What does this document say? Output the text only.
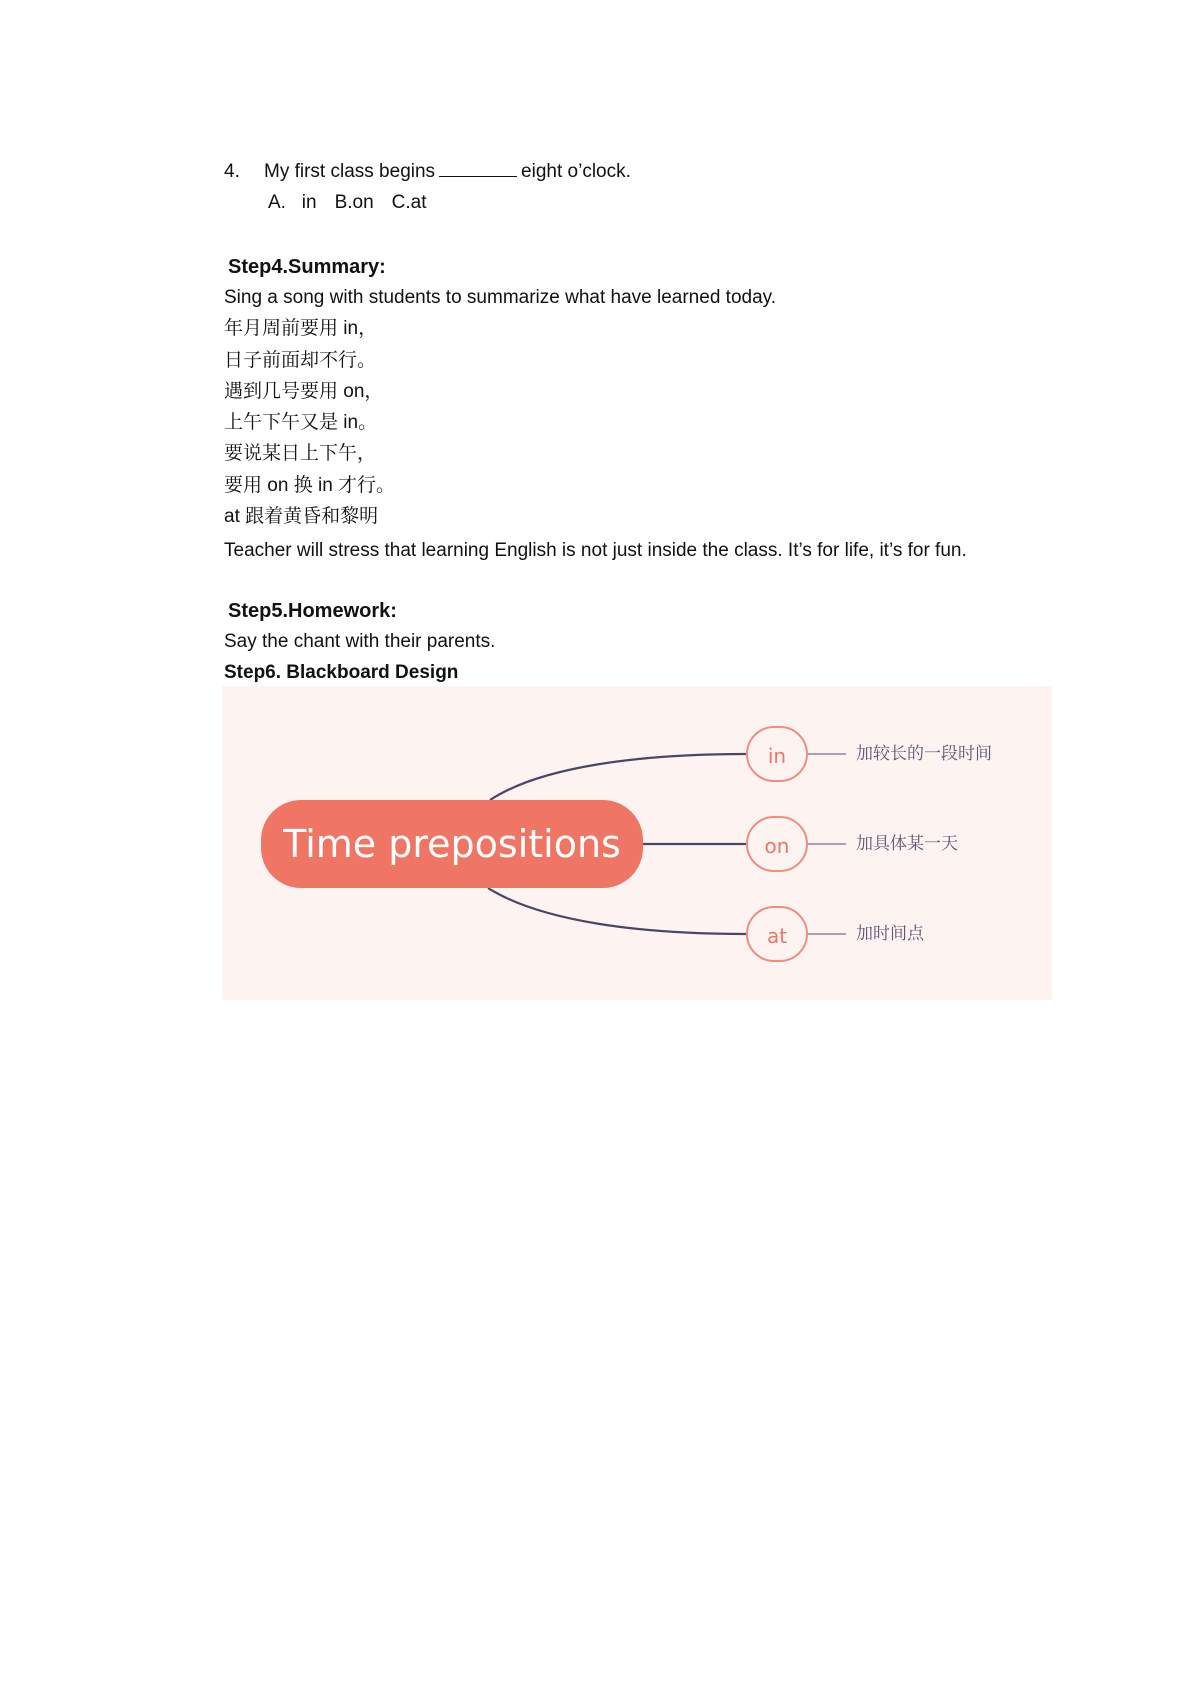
4. My first class begins	eight o’clock.
A.   in B.on C.at
Step4.Summary:
Sing a song with students to summarize what have learned today.
年月周前要用 in，
日子前面却不行。
遇到几号要用 on，
上午下午又是 in。
要说某日上下午，
要用 on 换 in 才行。
at 跟着黄昏和黎明
Teacher will stress that learning English is not just inside the class. It’s for life, it’s for fun.
Step5.Homework:
Say the chant with their parents.
Step6. Blackboard Design
Time prepositions
in
on
at
加较长的一段时间
加具体某一天
加时间点
